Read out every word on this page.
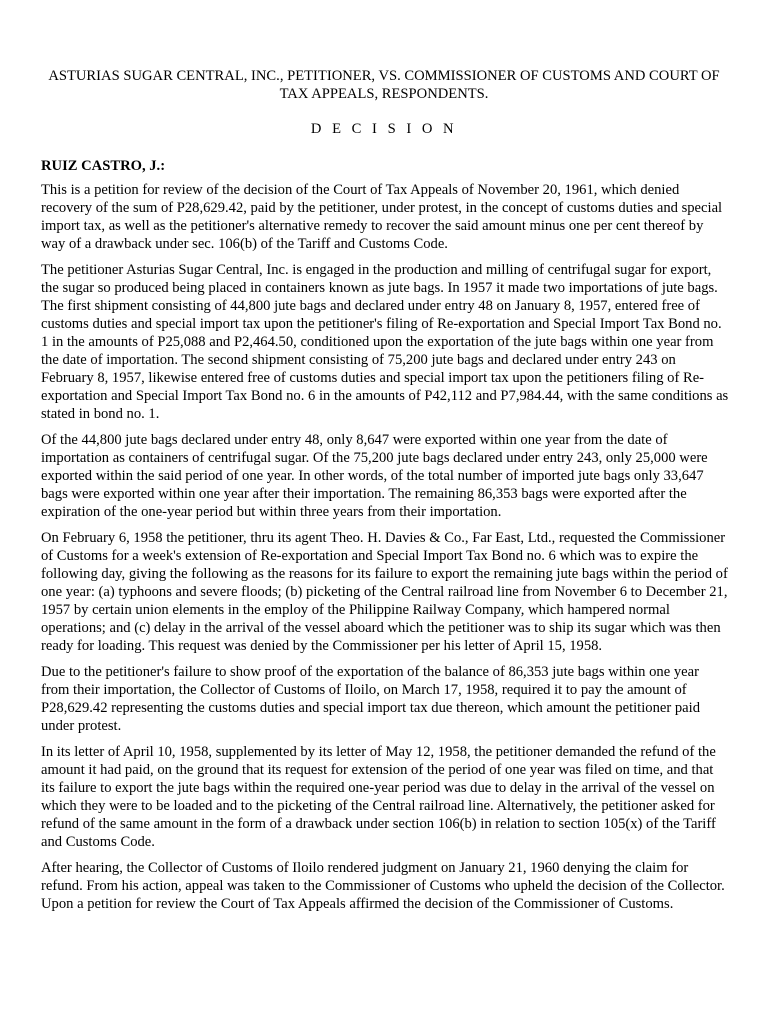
ASTURIAS SUGAR CENTRAL, INC., PETITIONER, VS. COMMISSIONER OF CUSTOMS AND COURT OF TAX APPEALS, RESPONDENTS.
D E C I S I O N
RUIZ CASTRO, J.:

This is a petition for review of the decision of the Court of Tax Appeals of November 20, 1961, which denied recovery of the sum of P28,629.42, paid by the petitioner, under protest, in the concept of customs duties and special import tax, as well as the petitioner's alternative remedy to recover the said amount minus one per cent thereof by way of a drawback under sec. 106(b) of the Tariff and Customs Code.

The petitioner Asturias Sugar Central, Inc. is engaged in the production and milling of centrifugal sugar for export, the sugar so produced being placed in containers known as jute bags. In 1957 it made two importations of jute bags. The first shipment consisting of 44,800 jute bags and declared under entry 48 on January 8, 1957, entered free of customs duties and special import tax upon the petitioner's filing of Re-exportation and Special Import Tax Bond no. 1 in the amounts of P25,088 and P2,464.50, conditioned upon the exportation of the jute bags within one year from the date of importation. The second shipment consisting of 75,200 jute bags and declared under entry 243 on February 8, 1957, likewise entered free of customs duties and special import tax upon the petitioners filing of Re-exportation and Special Import Tax Bond no. 6 in the amounts of P42,112 and P7,984.44, with the same conditions as stated in bond no. 1.

Of the 44,800 jute bags declared under entry 48, only 8,647 were exported within one year from the date of importation as containers of centrifugal sugar. Of the 75,200 jute bags declared under entry 243, only 25,000 were exported within the said period of one year. In other words, of the total number of imported jute bags only 33,647 bags were exported within one year after their importation. The remaining 86,353 bags were exported after the expiration of the one-year period but within three years from their importation.

On February 6, 1958 the petitioner, thru its agent Theo. H. Davies & Co., Far East, Ltd., requested the Commissioner of Customs for a week's extension of Re-exportation and Special Import Tax Bond no. 6 which was to expire the following day, giving the following as the reasons for its failure to export the remaining jute bags within the period of one year: (a) typhoons and severe floods; (b) picketing of the Central railroad line from November 6 to December 21, 1957 by certain union elements in the employ of the Philippine Railway Company, which hampered normal operations; and (c) delay in the arrival of the vessel aboard which the petitioner was to ship its sugar which was then ready for loading. This request was denied by the Commissioner per his letter of April 15, 1958.

Due to the petitioner's failure to show proof of the exportation of the balance of 86,353 jute bags within one year from their importation, the Collector of Customs of Iloilo, on March 17, 1958, required it to pay the amount of P28,629.42 representing the customs duties and special import tax due thereon, which amount the petitioner paid under protest.

In its letter of April 10, 1958, supplemented by its letter of May 12, 1958, the petitioner demanded the refund of the amount it had paid, on the ground that its request for extension of the period of one year was filed on time, and that its failure to export the jute bags within the required one-year period was due to delay in the arrival of the vessel on which they were to be loaded and to the picketing of the Central railroad line. Alternatively, the petitioner asked for refund of the same amount in the form of a drawback under section 106(b) in relation to section 105(x) of the Tariff and Customs Code.

After hearing, the Collector of Customs of Iloilo rendered judgment on January 21, 1960 denying the claim for refund. From his action, appeal was taken to the Commissioner of Customs who upheld the decision of the Collector. Upon a petition for review the Court of Tax Appeals affirmed the decision of the Commissioner of Customs.
